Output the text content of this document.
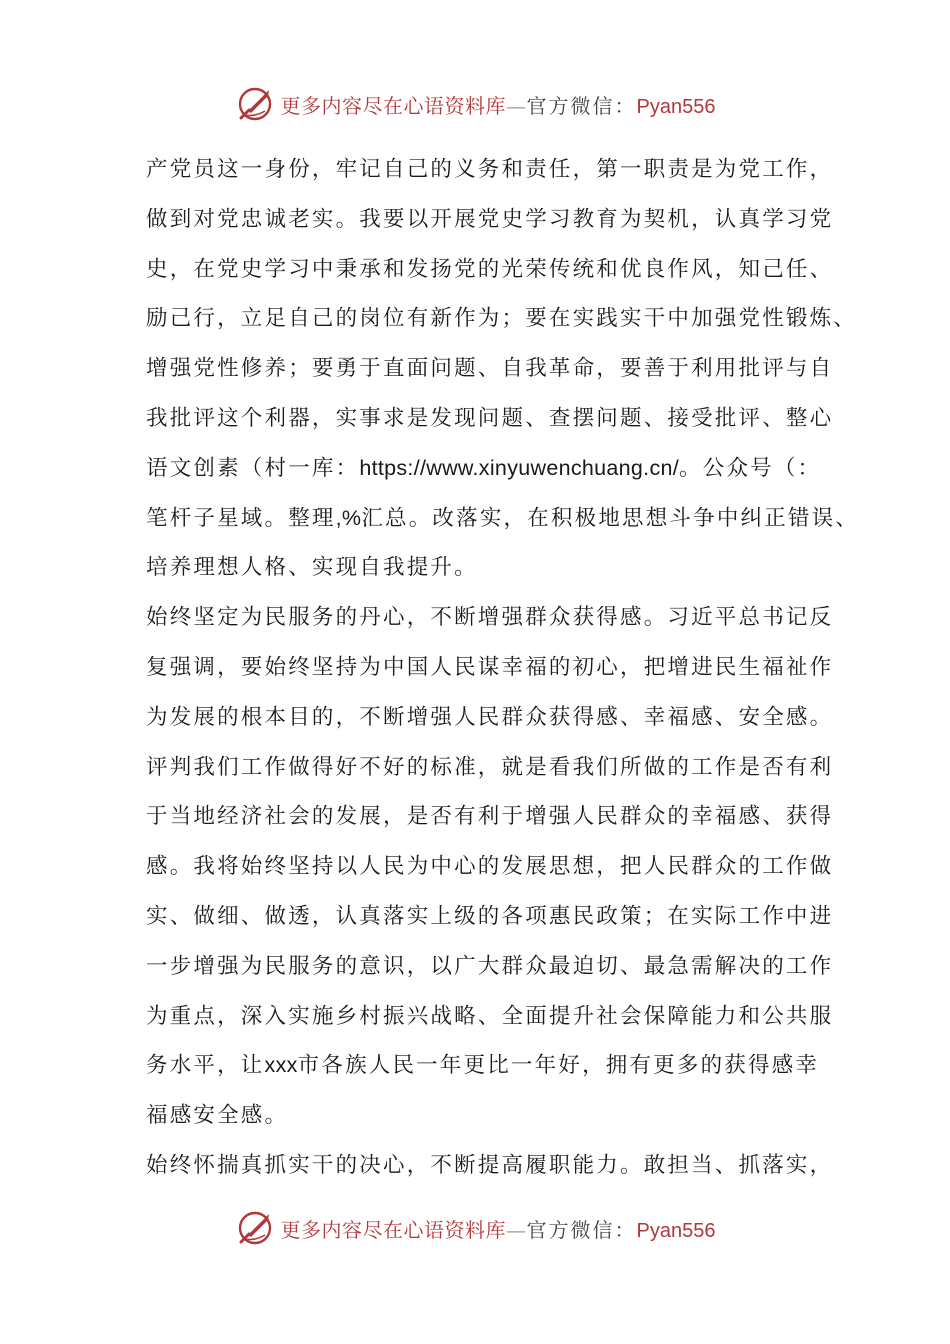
更多内容尽在心语资料库—官方微信：Pyan556
产党员这一身份，牢记自己的义务和责任，第一职责是为党工作，
做到对党忠诚老实。我要以开展党史学习教育为契机，认真学习党
史，在党史学习中秉承和发扬党的光荣传统和优良作风，知己任、
励己行，立足自己的岗位有新作为；要在实践实干中加强党性锻炼、
增强党性修养；要勇于直面问题、自我革命，要善于利用批评与自
我批评这个利器，实事求是发现问题、查摆问题、接受批评、整心
语文创素（村一库：https://www.xinyuwenchuang.cn/。公众号（：
笔杆子星域。整理,%汇总。改落实，在积极地思想斗争中纠正错误、
培养理想人格、实现自我提升。
始终坚定为民服务的丹心，不断增强群众获得感。习近平总书记反
复强调，要始终坚持为中国人民谋幸福的初心，把增进民生福祉作
为发展的根本目的，不断增强人民群众获得感、幸福感、安全感。
评判我们工作做得好不好的标准，就是看我们所做的工作是否有利
于当地经济社会的发展，是否有利于增强人民群众的幸福感、获得
感。我将始终坚持以人民为中心的发展思想，把人民群众的工作做
实、做细、做透，认真落实上级的各项惠民政策；在实际工作中进
一步增强为民服务的意识，以广大群众最迫切、最急需解决的工作
为重点，深入实施乡村振兴战略、全面提升社会保障能力和公共服
务水平，让xxx市各族人民一年更比一年好，拥有更多的获得感幸
福感安全感。
始终怀揣真抓实干的决心，不断提高履职能力。敢担当、抓落实，
更多内容尽在心语资料库—官方微信：Pyan556
